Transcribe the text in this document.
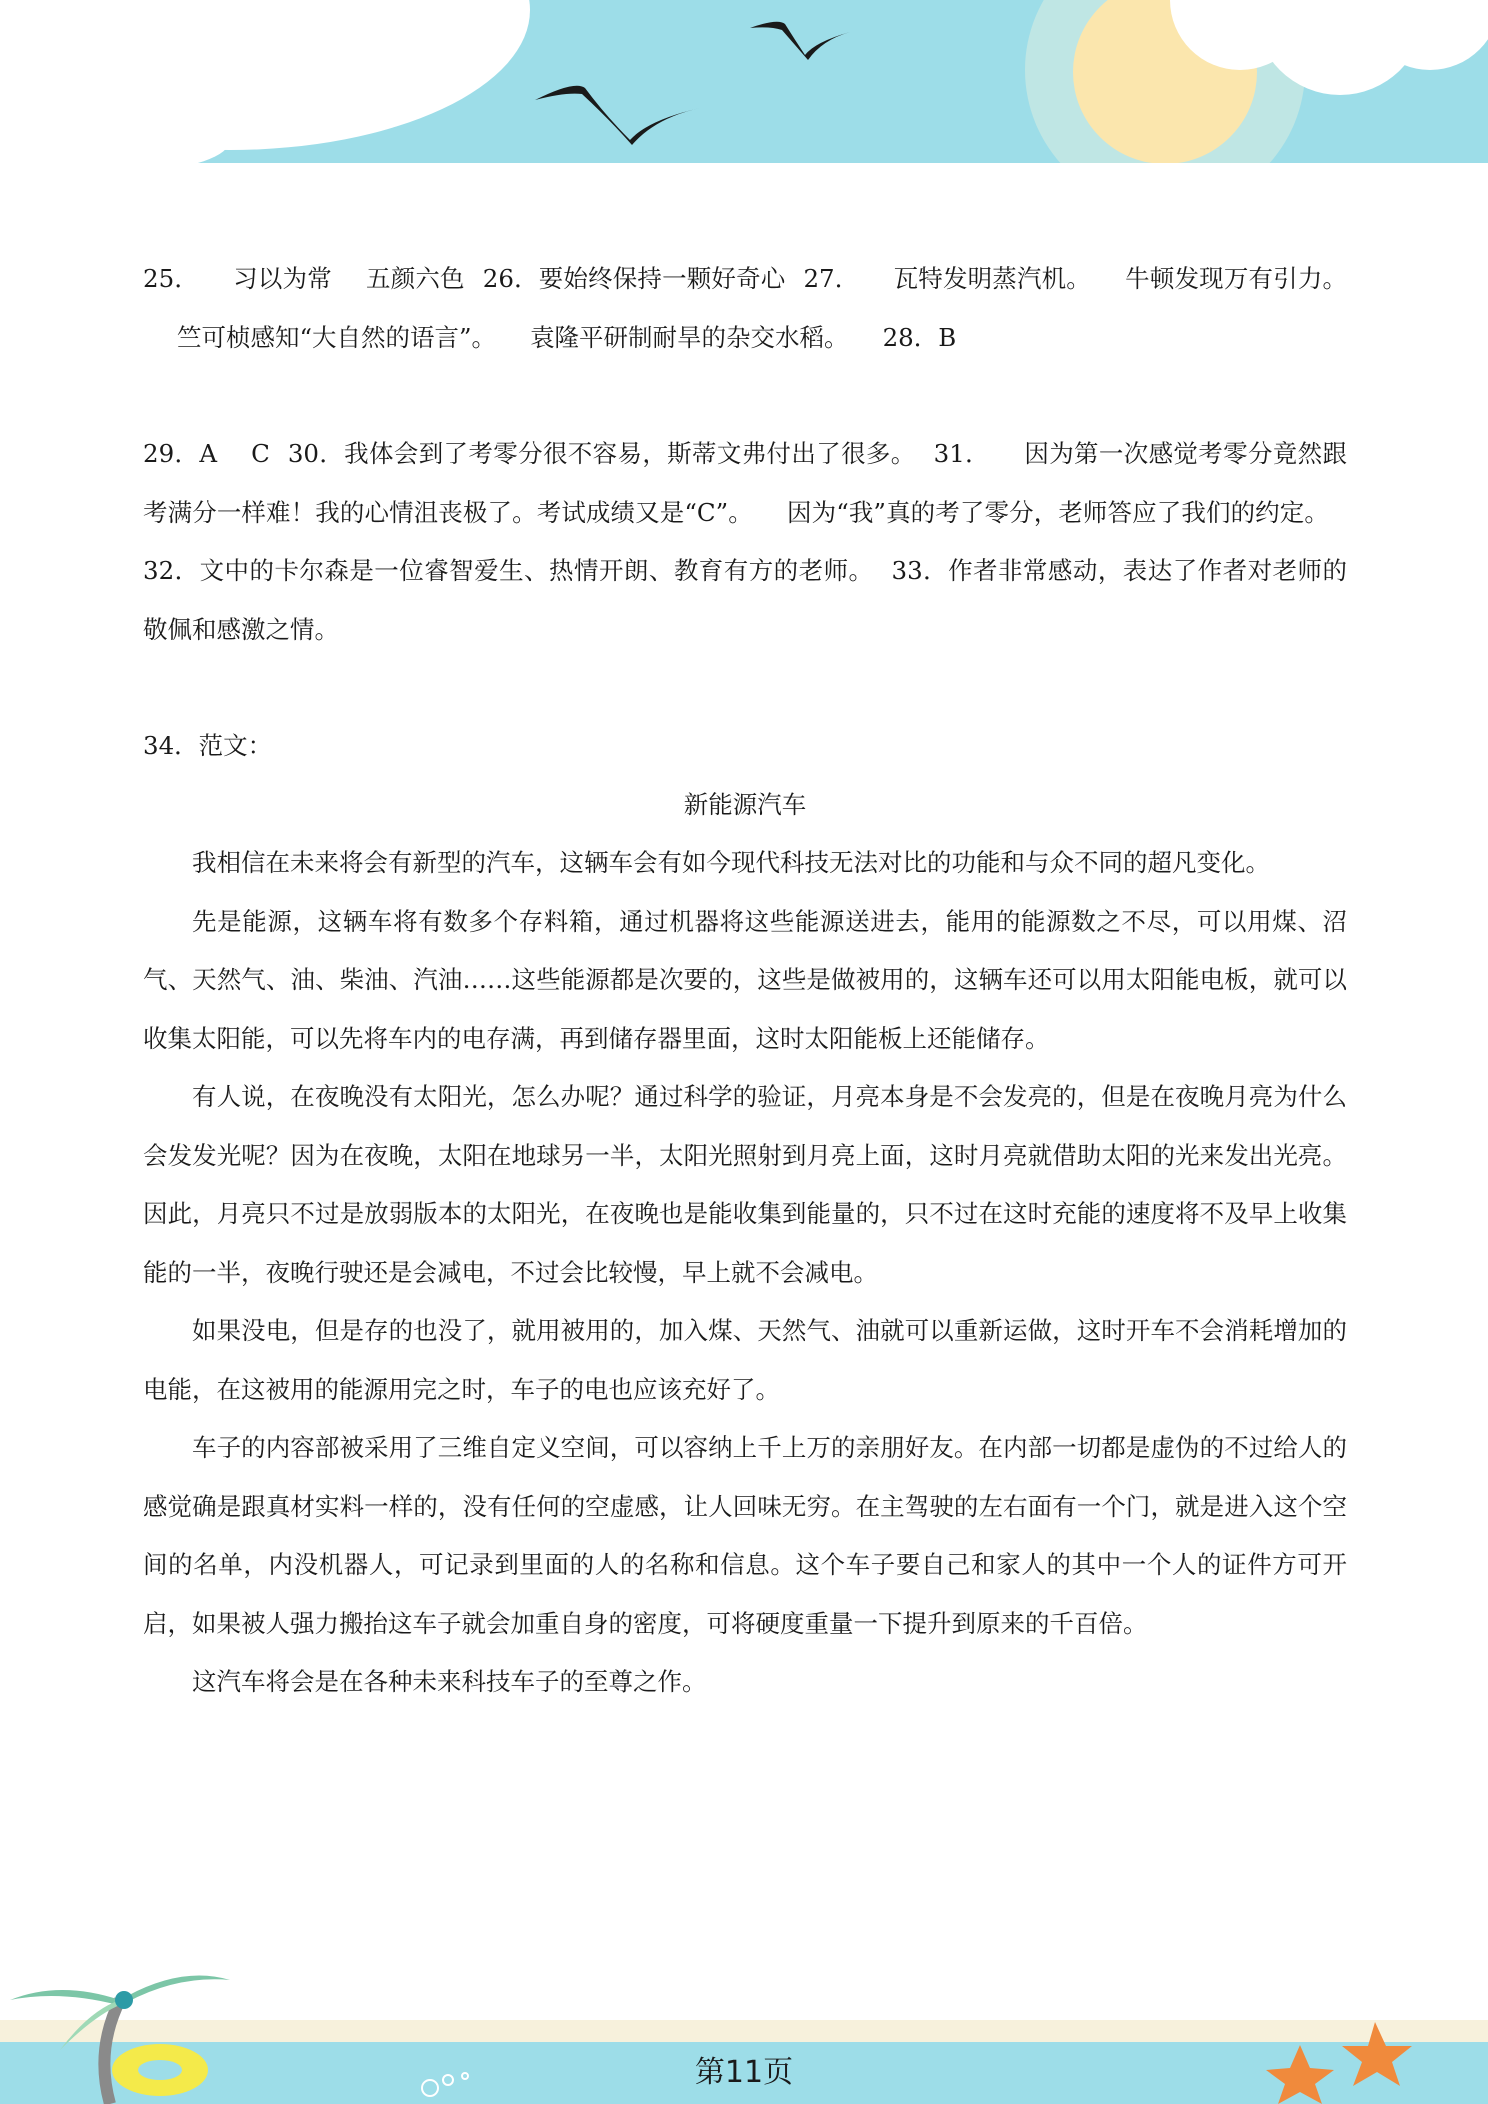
25． 习以为常 五颜六色 26．要始终保持一颗好奇心 27． 瓦特发明蒸汽机。 牛顿发现万有引力。竺可桢感知“大自然的语言”。 袁隆平研制耐旱的杂交水稻。 28．B

29．A C 30．我体会到了考零分很不容易，斯蒂文弗付出了很多。 31． 因为第一次感觉考零分竟然跟考满分一样难！我的心情沮丧极了。考试成绩又是“C”。 因为“我”真的考了零分，老师答应了我们的约定。32．文中的卡尔森是一位睿智爱生、热情开朗、教育有方的老师。 33．作者非常感动，表达了作者对老师的敬佩和感激之情。

34．范文：

新能源汽车

我相信在未来将会有新型的汽车，这辆车会有如今现代科技无法对比的功能和与众不同的超凡变化。

先是能源，这辆车将有数多个存料箱，通过机器将这些能源送进去，能用的能源数之不尽，可以用煤、沼气、天然气、油、柴油、汽油……这些能源都是次要的，这些是做被用的，这辆车还可以用太阳能电板，就可以收集太阳能，可以先将车内的电存满，再到储存器里面，这时太阳能板上还能储存。

有人说，在夜晚没有太阳光，怎么办呢？通过科学的验证，月亮本身是不会发亮的，但是在夜晚月亮为什么会发发光呢？因为在夜晚，太阳在地球另一半，太阳光照射到月亮上面，这时月亮就借助太阳的光来发出光亮。因此，月亮只不过是放弱版本的太阳光，在夜晚也是能收集到能量的，只不过在这时充能的速度将不及早上收集能的一半，夜晚行驶还是会减电，不过会比较慢，早上就不会减电。

如果没电，但是存的也没了，就用被用的，加入煤、天然气、油就可以重新运做，这时开车不会消耗增加的电能，在这被用的能源用完之时，车子的电也应该充好了。

车子的内容部被采用了三维自定义空间，可以容纳上千上万的亲朋好友。在内部一切都是虚伪的不过给人的感觉确是跟真材实料一样的，没有任何的空虚感，让人回味无穷。在主驾驶的左右面有一个门，就是进入这个空间的名单，内没机器人，可记录到里面的人的名称和信息。这个车子要自己和家人的其中一个人的证件方可开启，如果被人强力搬抬这车子就会加重自身的密度，可将硬度重量一下提升到原来的千百倍。

这汽车将会是在各种未来科技车子的至尊之作。

第11页
